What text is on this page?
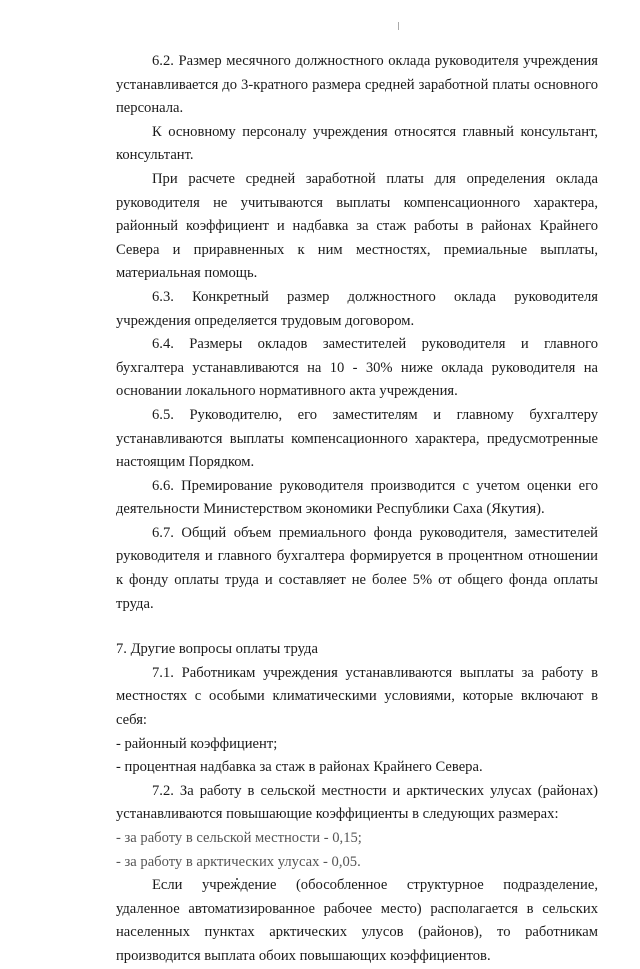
6.2. Размер месячного должностного оклада руководителя учреждения устанавливается до 3-кратного размера средней заработной платы основного персонала.

К основному персоналу учреждения относятся главный консультант, консультант.

При расчете средней заработной платы для определения оклада руководителя не учитываются выплаты компенсационного характера, районный коэффициент и надбавка за стаж работы в районах Крайнего Севера и приравненных к ним местностях, премиальные выплаты, материальная помощь.

6.3. Конкретный размер должностного оклада руководителя учреждения определяется трудовым договором.

6.4. Размеры окладов заместителей руководителя и главного бухгалтера устанавливаются на 10 - 30% ниже оклада руководителя на основании локального нормативного акта учреждения.

6.5. Руководителю, его заместителям и главному бухгалтеру устанавливаются выплаты компенсационного характера, предусмотренные настоящим Порядком.

6.6. Премирование руководителя производится с учетом оценки его деятельности Министерством экономики Республики Саха (Якутия).

6.7. Общий объем премиального фонда руководителя, заместителей руководителя и главного бухгалтера формируется в процентном отношении к фонду оплаты труда и составляет не более 5% от общего фонда оплаты труда.

7. Другие вопросы оплаты труда

7.1. Работникам учреждения устанавливаются выплаты за работу в местностях с особыми климатическими условиями, которые включают в себя:

- районный коэффициент;

- процентная надбавка за стаж в районах Крайнего Севера.

7.2. За работу в сельской местности и арктических улусах (районах) устанавливаются повышающие коэффициенты в следующих размерах:

- за работу в сельской местности - 0,15;

- за работу в арктических улусах - 0,05.

Если учреждение (обособленное структурное подразделение, удаленное автоматизированное рабочее место) располагается в сельских населенных пунктах арктических улусов (районов), то работникам производится выплата обоих повышающих коэффициентов.
